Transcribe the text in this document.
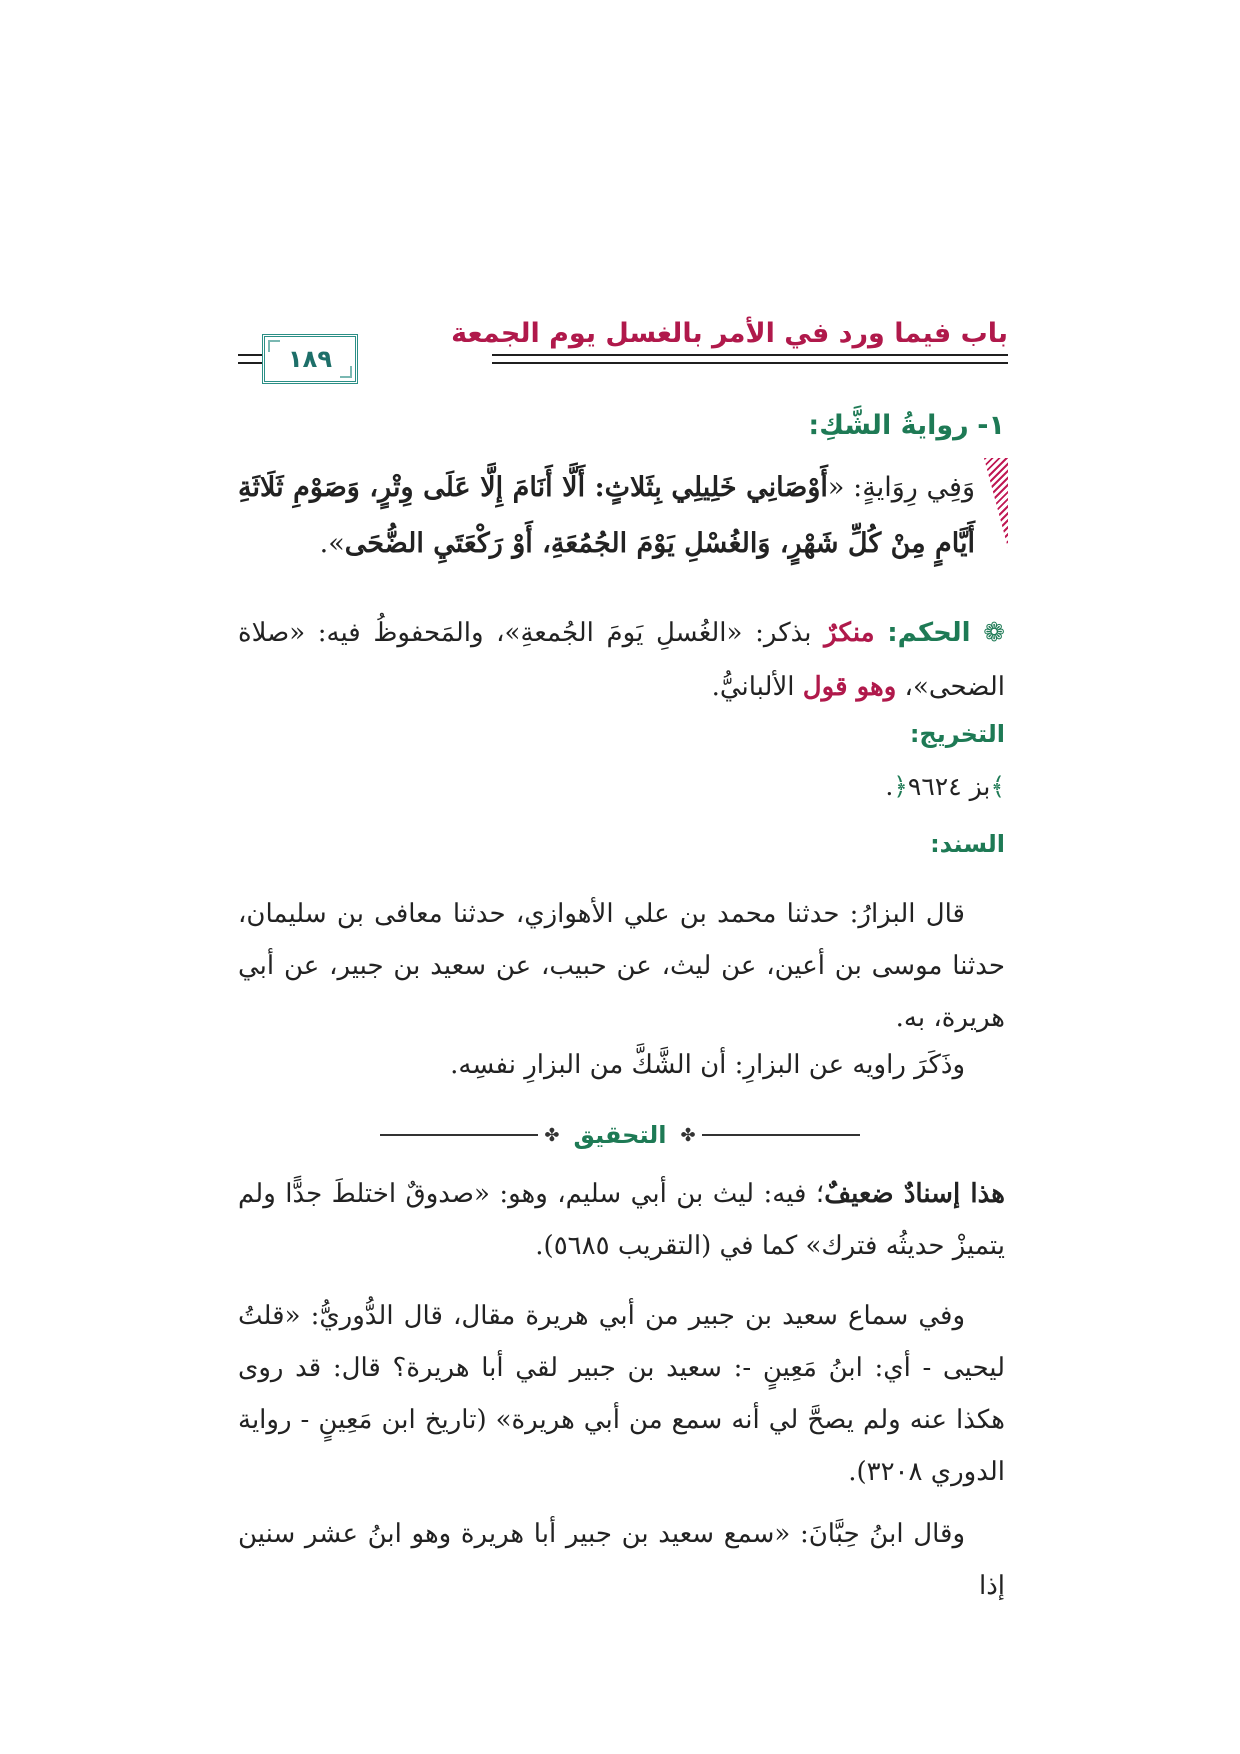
باب فيما ورد في الأمر بالغسل يوم الجمعة
١٨٩
١- روايةُ الشَّكِ:
وَفِي رِوَايةٍ: «أَوْصَانِي خَلِيلِي بِثَلاثٍ: أَلَّا أَنَامَ إِلَّا عَلَى وِتْرٍ، وَصَوْمِ ثَلَاثَةِ أَيَّامٍ مِنْ كُلِّ شَهْرٍ، وَالغُسْلِ يَوْمَ الجُمُعَةِ، أَوْ رَكْعَتَيِ الضُّحَى».
❁ الحكم: منكرٌ بذكر: «الغُسلِ يَومَ الجُمعةِ»، والمَحفوظُ فيه: «صلاة الضحى»، وهو قول الألبانيُّ.
التخريج:
﴾بز ٩٦٢٤﴿.
السند:
قال البزارُ: حدثنا محمد بن علي الأهوازي، حدثنا معافى بن سليمان، حدثنا موسى بن أعين، عن ليث، عن حبيب، عن سعيد بن جبير، عن أبي هريرة، به.
وذَكَرَ راويه عن البزارِ: أن الشَّكَّ من البزارِ نفسِه.
✤
التحقيق
✤
هذا إسنادٌ ضعيفٌ؛ فيه: ليث بن أبي سليم، وهو: «صدوقٌ اختلطَ جدًّا ولم يتميزْ حديثُه فترك» كما في (التقريب ٥٦٨٥).
وفي سماع سعيد بن جبير من أبي هريرة مقال، قال الدُّوريُّ: «قلتُ ليحيى - أي: ابنُ مَعِينٍ -: سعيد بن جبير لقي أبا هريرة؟ قال: قد روى هكذا عنه ولم يصحَّ لي أنه سمع من أبي هريرة» (تاريخ ابن مَعِينٍ - رواية الدوري ٣٢٠٨).
وقال ابنُ حِبَّانَ: «سمع سعيد بن جبير أبا هريرة وهو ابنُ عشر سنين إذا
